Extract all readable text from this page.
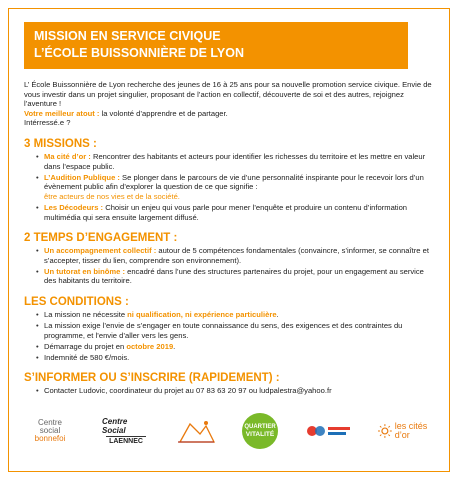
MISSION EN SERVICE CIVIQUE
L’ÉCOLE BUISSONNIÈRE DE LYON

L’ École Buissonnière de Lyon recherche des jeunes de 16 à 25 ans pour sa nouvelle promotion service civique. Envie de vous investir dans un projet singulier, proposant de l’action en collectif, découverte de soi et des autres, rejoignez l’aventure !
Votre meilleur atout : la volonté d’apprendre et de partager.
Intérressé.e ?

3 MISSIONS :
• Ma cité d’or : Rencontrer des habitants et acteurs pour identifier les richesses du territoire et les mettre en valeur dans l’espace public.
• L’Audition Publique : Se plonger dans le parcours de vie d’une personnalité inspirante pour le recevoir lors d’un évènement public afin d’explorer la question de ce que signifie :
être acteurs de nos vies et de la société.
• Les Décodeurs : Choisir un enjeu qui vous parle pour mener l’enquête et produire un contenu d’information multimédia qui sera ensuite largement diffusé.
2 TEMPS D’ENGAGEMENT :
• Un accompagnement collectif : autour de 5 compétences fondamentales (convaincre, s’informer, se connaître et s’accepter, tisser du lien, comprendre son environnement).
• Un tutorat en binôme : encadré dans l’une des structures partenaires du projet, pour un engagement au service des habitants du territoire.
LES CONDITIONS :
• La mission ne nécessite ni qualification, ni expérience particulière.
• La mission exige l’envie de s’engager en toute connaissance du sens, des exigences et des contraintes du programme, et l’envie d’aller vers les gens.
• Démarrage du projet en octobre 2019.
• Indemnité de 580 €/mois.
S’INFORMER OU S’INSCRIRE (RAPIDEMENT) :
• Contacter Ludovic, coordinateur du projet au 07 83 63 20 97 ou ludpalestra@yahoo.fr
Centre
social
bonnefoi
Centre Social
LAENNEC
QUARTIER
VITALITÉ
les cités d’or
